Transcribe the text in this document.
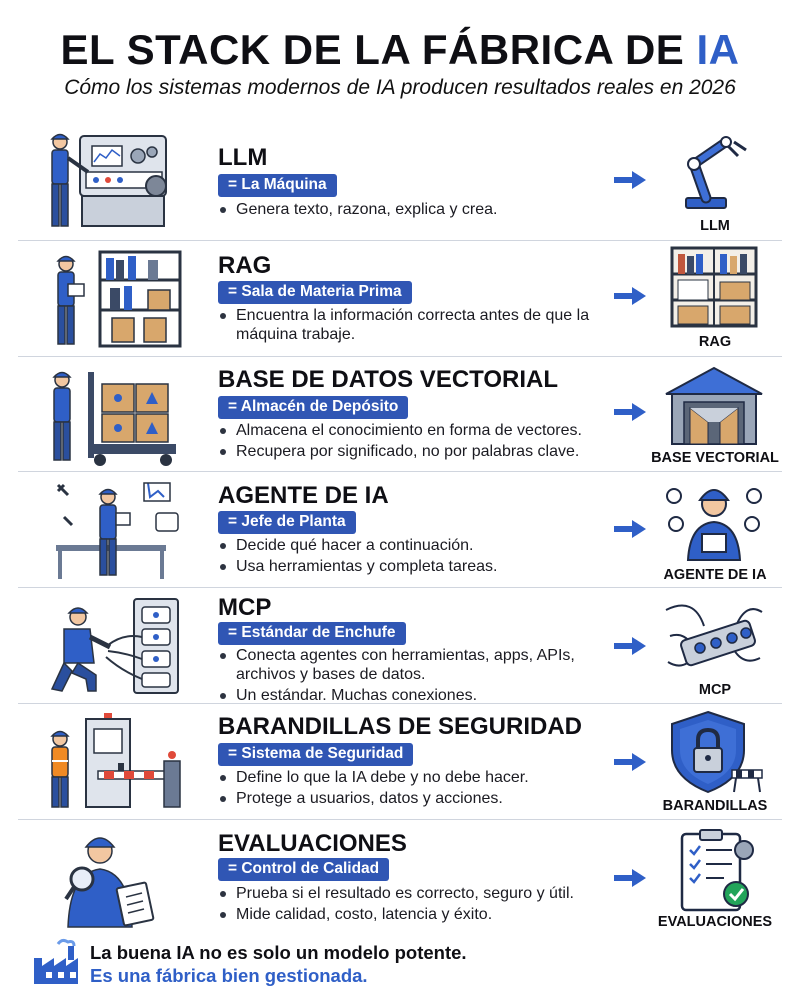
EL STACK DE LA FÁBRICA DE IA
Cómo los sistemas modernos de IA producen resultados reales en 2026
LLM
= La Máquina
Genera texto, razona, explica y crea.
LLM
RAG
= Sala de Materia Prima
Encuentra la información correcta antes de que la máquina trabaje.	RAG
BASE DE DATOS VECTORIAL
= Almacén de Depósito
Almacena el conocimiento en forma de vectores.
Recupera por significado, no por palabras clave.	BASE VECTORIAL
AGENTE DE IA
= Jefe de Planta
Decide qué hacer a continuación.
Usa herramientas y completa tareas.	AGENTE DE IA
MCP
= Estándar de Enchufe
Conecta agentes con herramientas, apps, APIs, archivos y bases de datos.
Un estándar. Muchas conexiones.	MCP
BARANDILLAS DE SEGURIDAD
= Sistema de Seguridad
Define lo que la IA debe y no debe hacer.
Protege a usuarios, datos y acciones.	BARANDILLAS
EVALUACIONES
= Control de Calidad
Prueba si el resultado es correcto, seguro y útil.
Mide calidad, costo, latencia y éxito.	EVALUACIONES
La buena IA no es solo un modelo potente.
Es una fábrica bien gestionada.
